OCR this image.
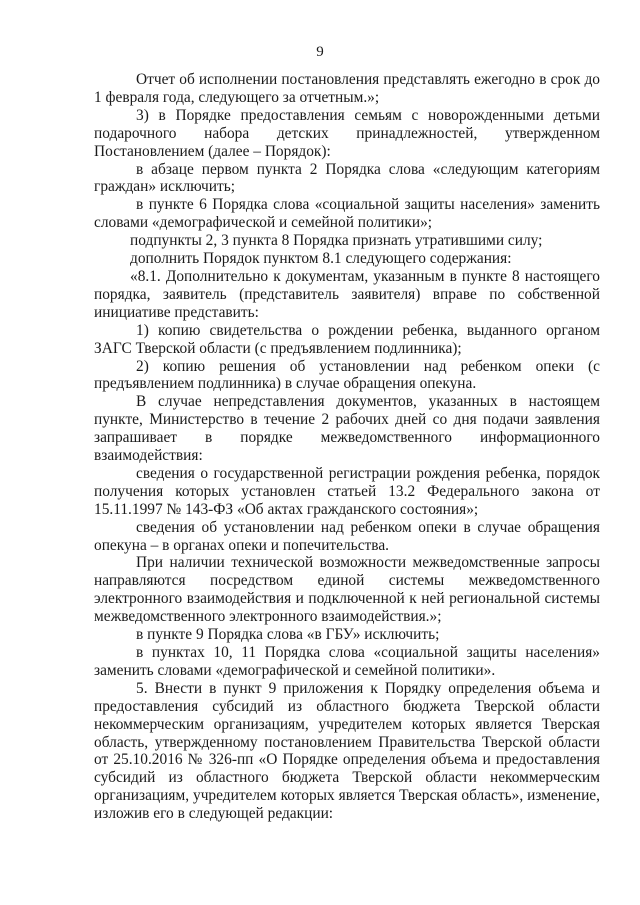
9

Отчет об исполнении постановления представлять ежегодно в срок до 1 февраля года, следующего за отчетным.»;

3) в Порядке предоставления семьям с новорожденными детьми подарочного набора детских принадлежностей, утвержденном Постановлением (далее – Порядок):

в абзаце первом пункта 2 Порядка слова «следующим категориям граждан» исключить;

в пункте 6 Порядка слова «социальной защиты населения» заменить словами «демографической и семейной политики»;

подпункты 2, 3 пункта 8 Порядка признать утратившими силу;

дополнить Порядок пунктом 8.1 следующего содержания:

«8.1. Дополнительно к документам, указанным в пункте 8 настоящего порядка, заявитель (представитель заявителя) вправе по собственной инициативе представить:

1) копию свидетельства о рождении ребенка, выданного органом ЗАГС Тверской области (с предъявлением подлинника);

2) копию решения об установлении над ребенком опеки (с предъявлением подлинника) в случае обращения опекуна.

В случае непредставления документов, указанных в настоящем пункте, Министерство в течение 2 рабочих дней со дня подачи заявления запрашивает в порядке межведомственного информационного взаимодействия:

сведения о государственной регистрации рождения ребенка, порядок получения которых установлен статьей 13.2 Федерального закона от 15.11.1997 № 143-ФЗ «Об актах гражданского состояния»;

сведения об установлении над ребенком опеки в случае обращения опекуна – в органах опеки и попечительства.

При наличии технической возможности межведомственные запросы направляются посредством единой системы межведомственного электронного взаимодействия и подключенной к ней региональной системы межведомственного электронного взаимодействия.»;

в пункте 9 Порядка слова «в ГБУ» исключить;

в пунктах 10, 11 Порядка слова «социальной защиты населения» заменить словами «демографической и семейной политики».

5. Внести в пункт 9 приложения к Порядку определения объема и предоставления субсидий из областного бюджета Тверской области некоммерческим организациям, учредителем которых является Тверская область, утвержденному постановлением Правительства Тверской области от 25.10.2016 № 326-пп «О Порядке определения объема и предоставления субсидий из областного бюджета Тверской области некоммерческим организациям, учредителем которых является Тверская область», изменение, изложив его в следующей редакции:
